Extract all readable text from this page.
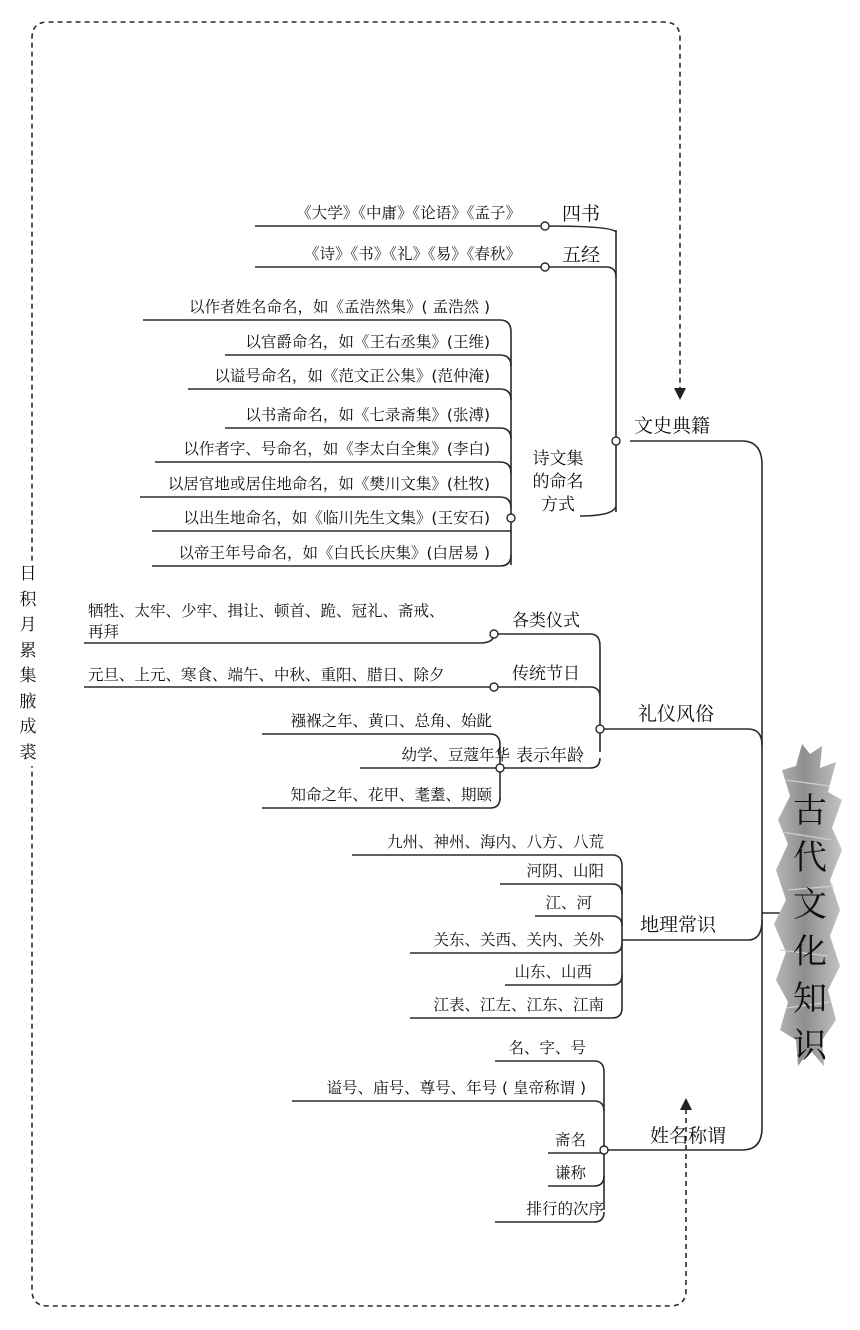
日积月累集腋成裘
古代文化知识
文史典籍
四书
五经
《大学》《中庸》《论语》《孟子》
《诗》《书》《礼》《易》《春秋》
诗文集的命名方式
以作者姓名命名，如《孟浩然集》( 孟浩然 )
以官爵命名，如《王右丞集》(王维)
以谥号命名，如《范文正公集》(范仲淹)
以书斋命名，如《七录斋集》(张溥)
以作者字、号命名，如《李太白全集》(李白)
以居官地或居住地命名，如《樊川文集》(杜牧)
以出生地命名，如《临川先生文集》(王安石)
以帝王年号命名，如《白氏长庆集》(白居易 )
礼仪风俗
各类仪式
传统节日
表示年龄
牺牲、太牢、少牢、揖让、顿首、跪、冠礼、斋戒、
再拜
元旦、上元、寒食、端午、中秋、重阳、腊日、除夕
襁褓之年、黄口、总角、始龀
幼学、豆蔻年华
知命之年、花甲、耄耋、期颐
地理常识
九州、神州、海内、八方、八荒
河阴、山阳
江、河
关东、关西、关内、关外
山东、山西
江表、江左、江东、江南
姓名称谓
名、字、号
谥号、庙号、尊号、年号 ( 皇帝称谓 )
斋名
谦称
排行的次序
